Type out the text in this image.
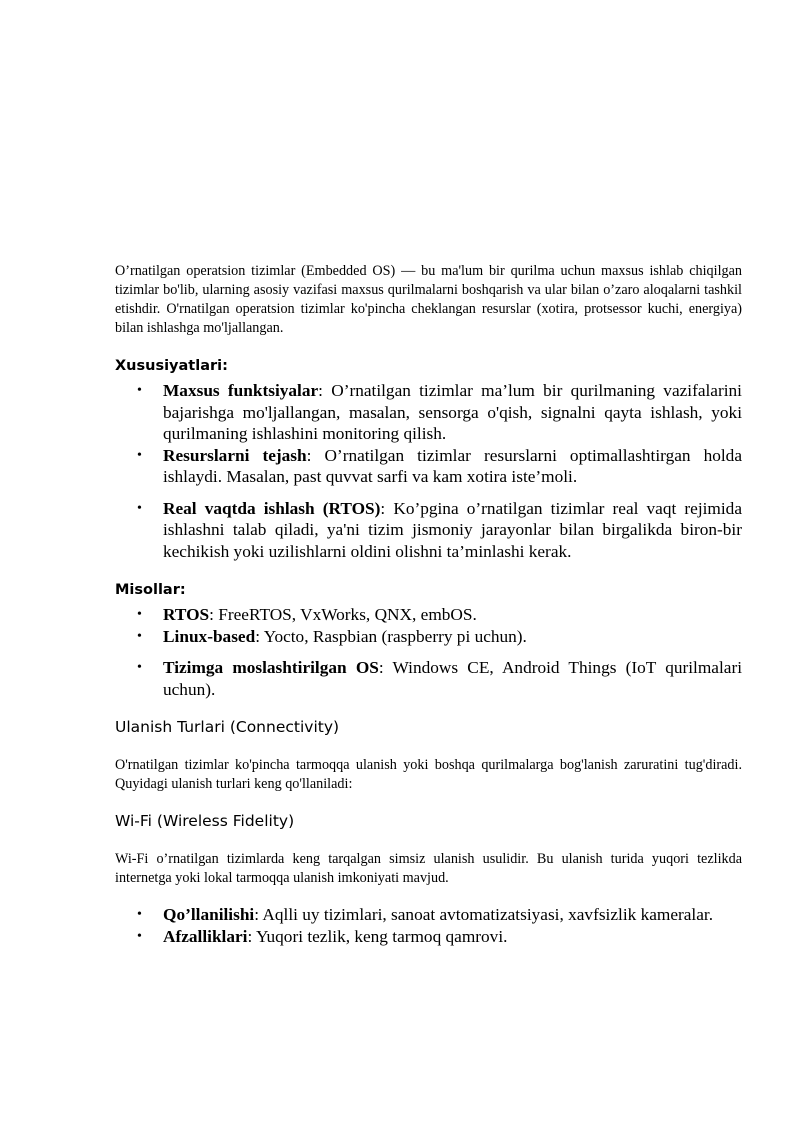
O’rnatilgan operatsion tizimlar (Embedded OS) — bu ma'lum bir qurilma uchun maxsus ishlab chiqilgan tizimlar bo'lib, ularning asosiy vazifasi maxsus qurilmalarni boshqarish va ular bilan o’zaro aloqalarni tashkil etishdir. O'rnatilgan operatsion tizimlar ko'pincha cheklangan resurslar (xotira, protsessor kuchi, energiya) bilan ishlashga mo'ljallangan.

Xususiyatlari:

• Maxsus funktsiyalar: O’rnatilgan tizimlar ma’lum bir qurilmaning vazifalarini bajarishga mo'ljallangan, masalan, sensorga o'qish, signalni qayta ishlash, yoki qurilmaning ishlashini monitoring qilish.
• Resurslarni tejash: O’rnatilgan tizimlar resurslarni optimallashtirgan holda ishlaydi. Masalan, past quvvat sarfi va kam xotira iste’moli.
• Real vaqtda ishlash (RTOS): Ko’pgina o’rnatilgan tizimlar real vaqt rejimida ishlashni talab qiladi, ya'ni tizim jismoniy jarayonlar bilan birgalikda biron-bir kechikish yoki uzilishlarni oldini olishni ta’minlashi kerak.

Misollar:

• RTOS: FreeRTOS, VxWorks, QNX, embOS.
• Linux-based: Yocto, Raspbian (raspberry pi uchun).
• Tizimga moslashtirilgan OS: Windows CE, Android Things (IoT qurilmalari uchun).

Ulanish Turlari (Connectivity)

O'rnatilgan tizimlar ko'pincha tarmoqqa ulanish yoki boshqa qurilmalarga bog'lanish zaruratini tug'diradi. Quyidagi ulanish turlari keng qo'llaniladi:

Wi-Fi (Wireless Fidelity)

Wi-Fi o’rnatilgan tizimlarda keng tarqalgan simsiz ulanish usulidir. Bu ulanish turida yuqori tezlikda internetga yoki lokal tarmoqqa ulanish imkoniyati mavjud.

• Qo’llanilishi: Aqlli uy tizimlari, sanoat avtomatizatsiyasi, xavfsizlik kameralar.
• Afzalliklari: Yuqori tezlik, keng tarmoq qamrovi.
